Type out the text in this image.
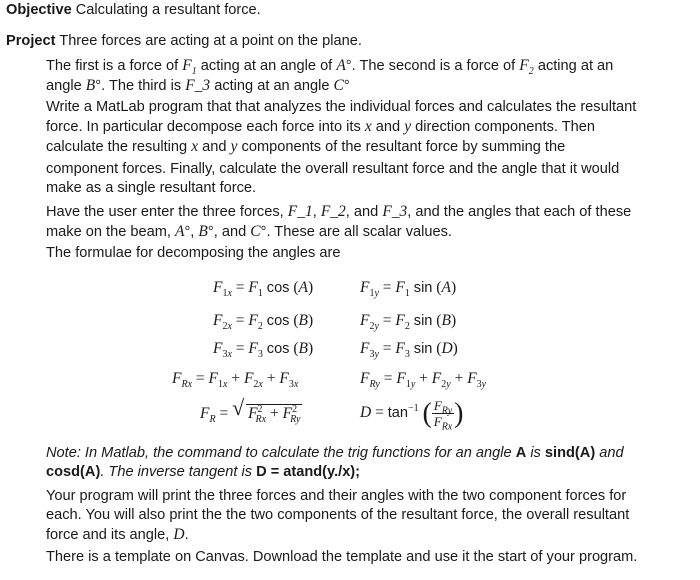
Objective Calculating a resultant force.
Project Three forces are acting at a point on the plane.
The first is a force of $F_1$ acting at an angle of A°. The second is a force of $F_2$ acting at an
angle B°. The third is F_3 acting at an angle C°
Write a MatLab program that that analyzes the individual forces and calculates the resultant
force. In particular decompose each force into its x and y direction components. Then
calculate the resulting x and y components of the resultant force by summing the
component forces. Finally, calculate the overall resultant force and the angle that it would
make as a single resultant force.
Have the user enter the three forces, F_1, F_2, and F_3, and the angles that each of these
make on the beam, A°, B°, and C°. These are all scalar values.
The formulae for decomposing the angles are
$F_{1x} = F_1$ cos (A)	$F_{1y} = F_1$ sin (A)
$F_{2x} = F_2$ cos (B)	$F_{2y} = F_2$ sin (B)
$F_{3x} = F_3$ cos (B)	$F_{3y} = F_3$ sin (D)
$F_{Rx} = F_{1x} + F_{2x} + F_{3x}$	$F_{Ry} = F_{1y} + F_{2y} + F_{3y}$
$F_R$ = √ $F^2_{Rx} + F^2_{Ry}$	$D = \tan^{-1}$ ( $\frac{F_{Ry}}{F_{Rx}}$ )
Note: In Matlab, the command to calculate the trig functions for an angle A is sind(A) and
cosd(A). The inverse tangent is D = atand(y./x);
Your program will print the three forces and their angles with the two component forces for
each. You will also print the the two components of the resultant force, the overall resultant
force and its angle, D.
There is a template on Canvas. Download the template and use it the start of your program.
